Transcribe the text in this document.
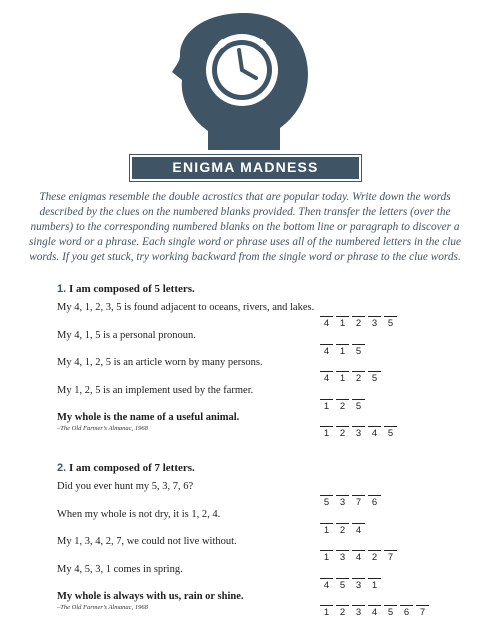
ENIGMA MADNESS
These enigmas resemble the double acrostics that are popular today. Write down the words described by the clues on the numbered blanks provided. Then transfer the letters (over the numbers) to the corresponding numbered blanks on the bottom line or paragraph to discover a single word or a phrase. Each single word or phrase uses all of the numbered letters in the clue words. If you get stuck, try working backward from the single word or phrase to the clue words.
1. I am composed of 5 letters.
My 4, 1, 2, 3, 5 is found adjacent to oceans, rivers, and lakes.
4	1	2	3	5
My 4, 1, 5 is a personal pronoun.
4	1	5
My 4, 1, 2, 5 is an article worn by many persons.
4	1	2	5
My 1, 2, 5 is an implement used by the farmer.
1	2	5
My whole is the name of a useful animal.
–The Old Farmer’s Almanac, 1968	1	2	3	4	5
2. I am composed of 7 letters.
Did you ever hunt my 5, 3, 7, 6?
5	3	7	6
When my whole is not dry, it is 1, 2, 4.
1	2	4
My 1, 3, 4, 2, 7, we could not live without.
1	3	4	2	7
My 4, 5, 3, 1 comes in spring.
4	5	3	1
My whole is always with us, rain or shine.
–The Old Farmer’s Almanac, 1968	1	2	3	4	5	6	7
